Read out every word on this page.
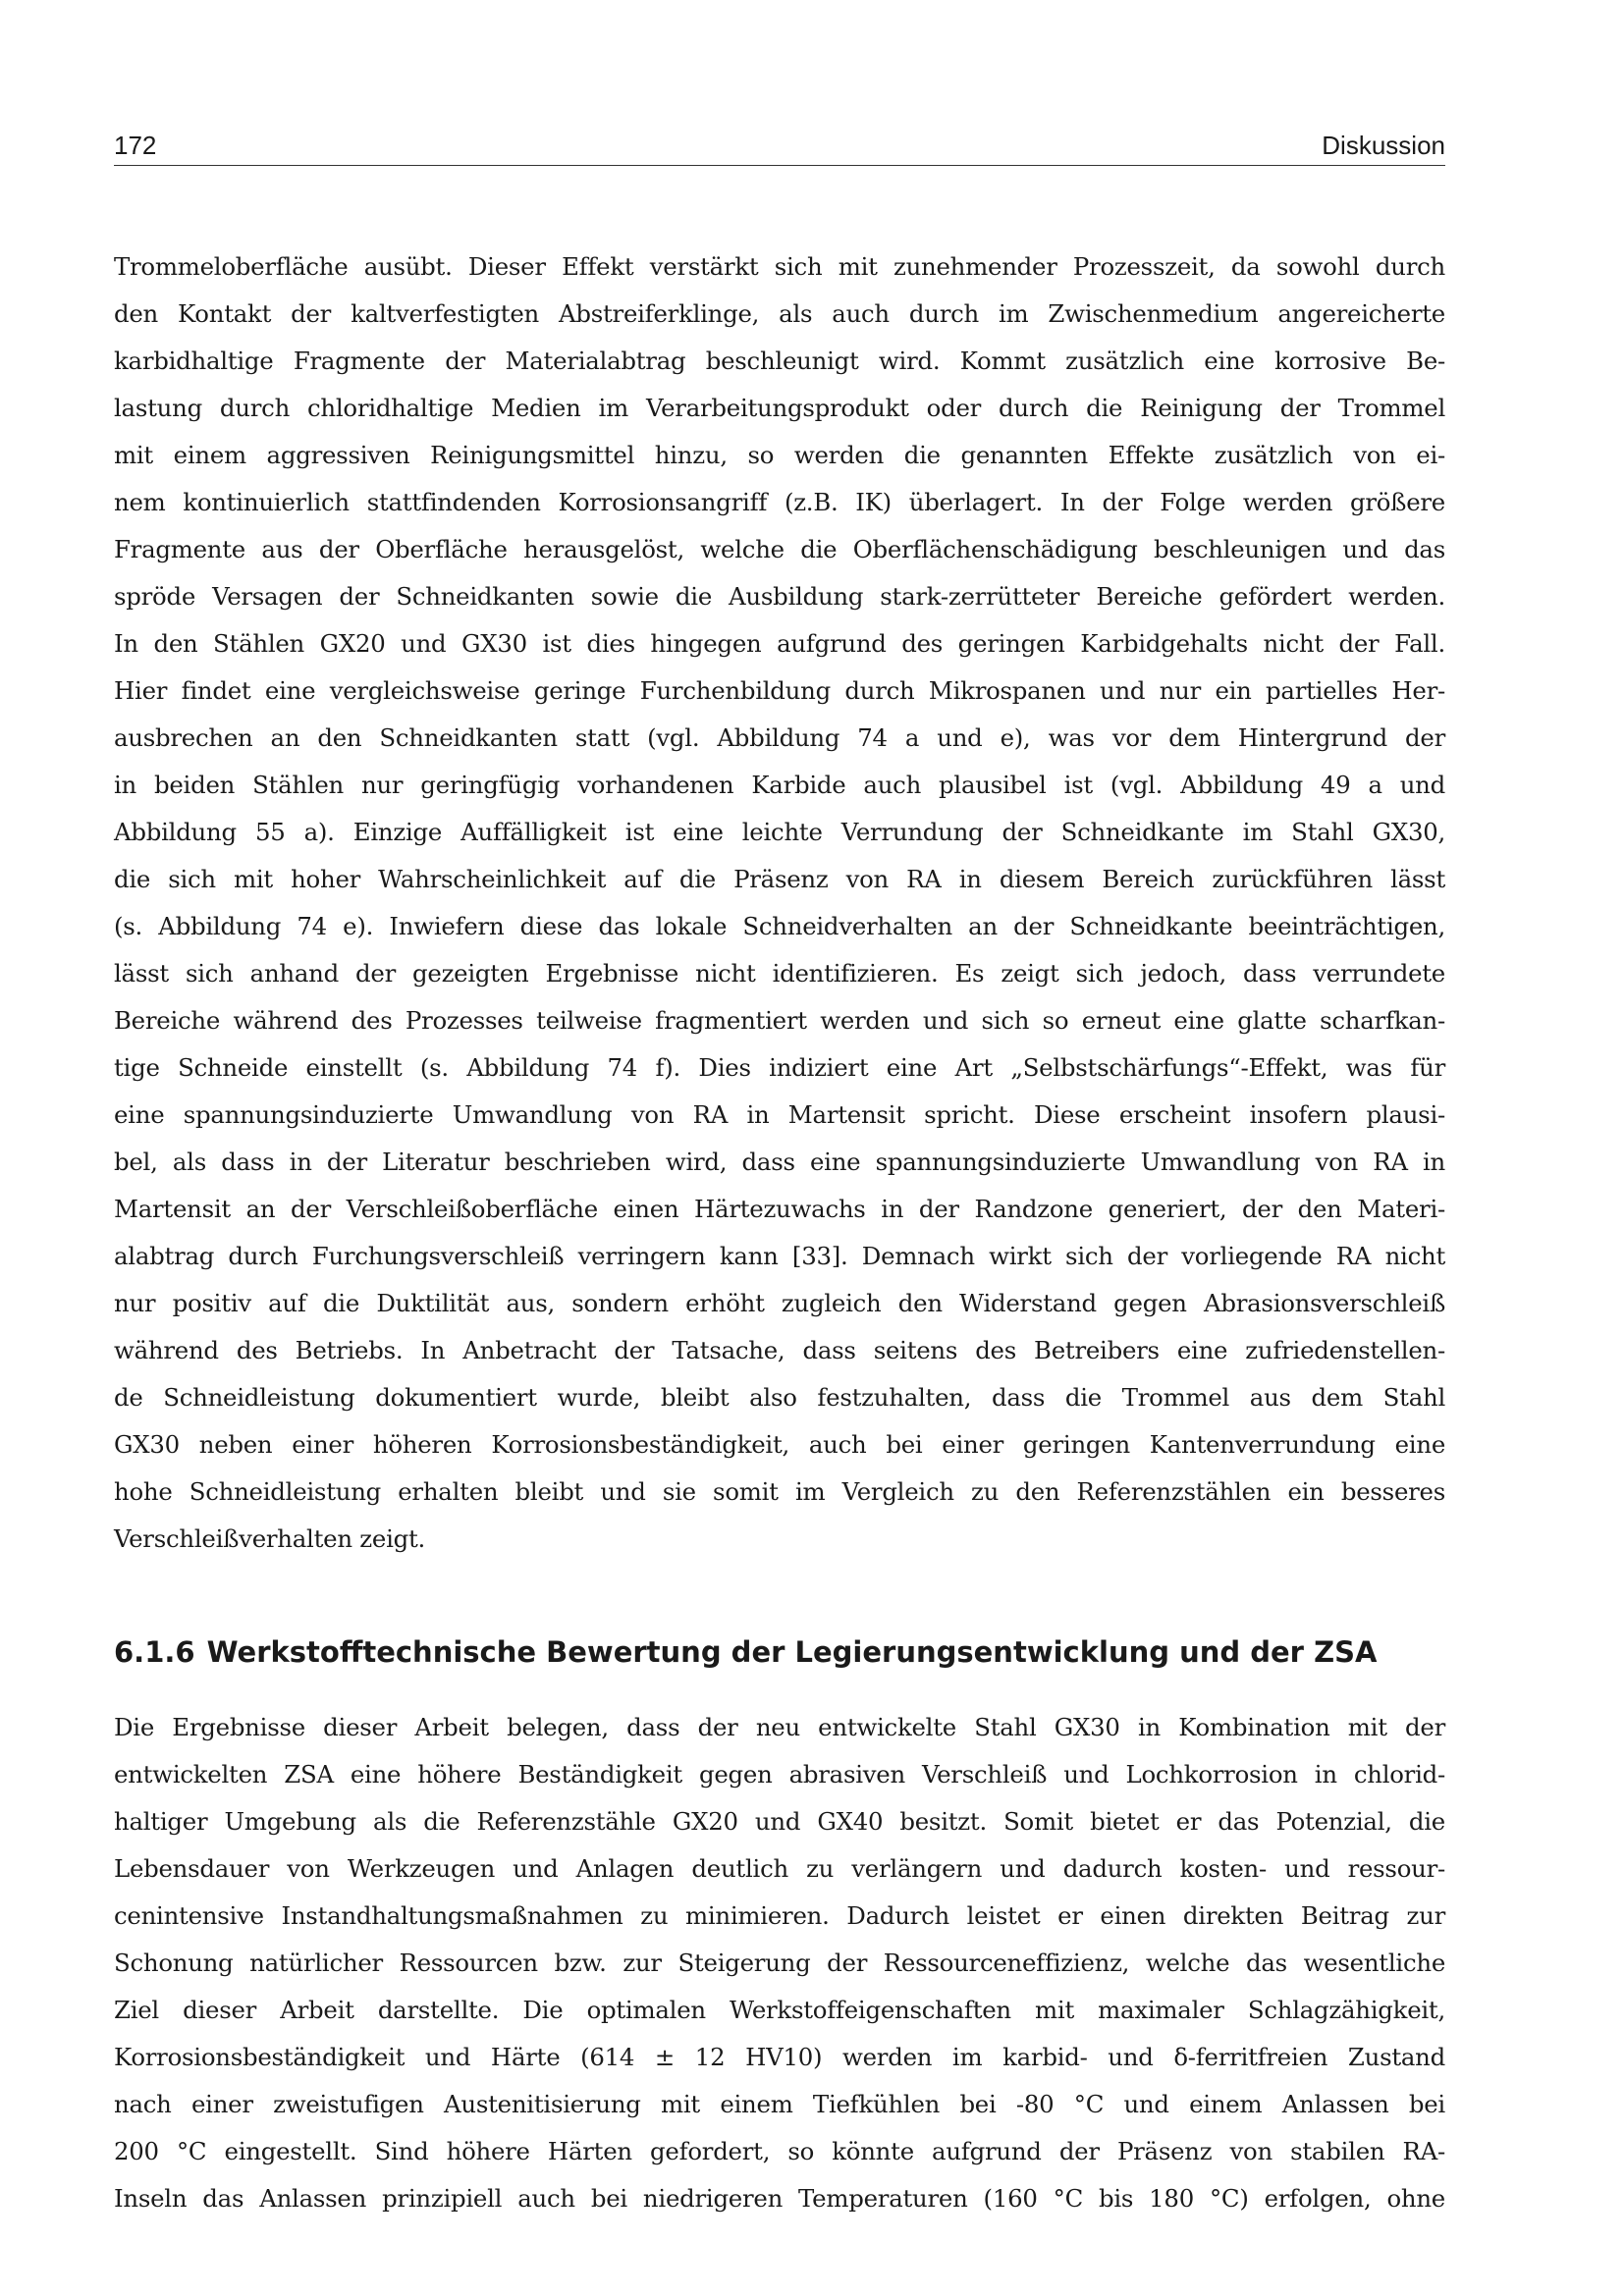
172	Diskussion
Trommeloberfläche ausübt. Dieser Effekt verstärkt sich mit zunehmender Prozesszeit, da sowohl durch
den Kontakt der kaltverfestigten Abstreiferklinge, als auch durch im Zwischenmedium angereicherte
karbidhaltige Fragmente der Materialabtrag beschleunigt wird. Kommt zusätzlich eine korrosive Be-
lastung durch chloridhaltige Medien im Verarbeitungsprodukt oder durch die Reinigung der Trommel
mit einem aggressiven Reinigungsmittel hinzu, so werden die genannten Effekte zusätzlich von ei-
nem kontinuierlich stattfindenden Korrosionsangriff (z.B. IK) überlagert. In der Folge werden größere
Fragmente aus der Oberfläche herausgelöst, welche die Oberflächenschädigung beschleunigen und das
spröde Versagen der Schneidkanten sowie die Ausbildung stark-zerrütteter Bereiche gefördert werden.
In den Stählen GX20 und GX30 ist dies hingegen aufgrund des geringen Karbidgehalts nicht der Fall.
Hier findet eine vergleichsweise geringe Furchenbildung durch Mikrospanen und nur ein partielles Her-
ausbrechen an den Schneidkanten statt (vgl. Abbildung 74 a und e), was vor dem Hintergrund der
in beiden Stählen nur geringfügig vorhandenen Karbide auch plausibel ist (vgl. Abbildung 49 a und
Abbildung 55 a). Einzige Auffälligkeit ist eine leichte Verrundung der Schneidkante im Stahl GX30,
die sich mit hoher Wahrscheinlichkeit auf die Präsenz von RA in diesem Bereich zurückführen lässt
(s. Abbildung 74 e). Inwiefern diese das lokale Schneidverhalten an der Schneidkante beeinträchtigen,
lässt sich anhand der gezeigten Ergebnisse nicht identifizieren. Es zeigt sich jedoch, dass verrundete
Bereiche während des Prozesses teilweise fragmentiert werden und sich so erneut eine glatte scharfkan-
tige Schneide einstellt (s. Abbildung 74 f). Dies indiziert eine Art „Selbstschärfungs“-Effekt, was für
eine spannungsinduzierte Umwandlung von RA in Martensit spricht. Diese erscheint insofern plausi-
bel, als dass in der Literatur beschrieben wird, dass eine spannungsinduzierte Umwandlung von RA in
Martensit an der Verschleißoberfläche einen Härtezuwachs in der Randzone generiert, der den Materi-
alabtrag durch Furchungsverschleiß verringern kann [33]. Demnach wirkt sich der vorliegende RA nicht
nur positiv auf die Duktilität aus, sondern erhöht zugleich den Widerstand gegen Abrasionsverschleiß
während des Betriebs. In Anbetracht der Tatsache, dass seitens des Betreibers eine zufriedenstellen-
de Schneidleistung dokumentiert wurde, bleibt also festzuhalten, dass die Trommel aus dem Stahl
GX30 neben einer höheren Korrosionsbeständigkeit, auch bei einer geringen Kantenverrundung eine
hohe Schneidleistung erhalten bleibt und sie somit im Vergleich zu den Referenzstählen ein besseres
Verschleißverhalten zeigt.
6.1.6 Werkstofftechnische Bewertung der Legierungsentwicklung und der ZSA
Die Ergebnisse dieser Arbeit belegen, dass der neu entwickelte Stahl GX30 in Kombination mit der
entwickelten ZSA eine höhere Beständigkeit gegen abrasiven Verschleiß und Lochkorrosion in chlorid-
haltiger Umgebung als die Referenzstähle GX20 und GX40 besitzt. Somit bietet er das Potenzial, die
Lebensdauer von Werkzeugen und Anlagen deutlich zu verlängern und dadurch kosten- und ressour-
cenintensive Instandhaltungsmaßnahmen zu minimieren. Dadurch leistet er einen direkten Beitrag zur
Schonung natürlicher Ressourcen bzw. zur Steigerung der Ressourceneffizienz, welche das wesentliche
Ziel dieser Arbeit darstellte. Die optimalen Werkstoffeigenschaften mit maximaler Schlagzähigkeit,
Korrosionsbeständigkeit und Härte (614 ± 12 HV10) werden im karbid- und δ-ferritfreien Zustand
nach einer zweistufigen Austenitisierung mit einem Tiefkühlen bei -80 °C und einem Anlassen bei
200 °C eingestellt. Sind höhere Härten gefordert, so könnte aufgrund der Präsenz von stabilen RA-
Inseln das Anlassen prinzipiell auch bei niedrigeren Temperaturen (160 °C bis 180 °C) erfolgen, ohne
